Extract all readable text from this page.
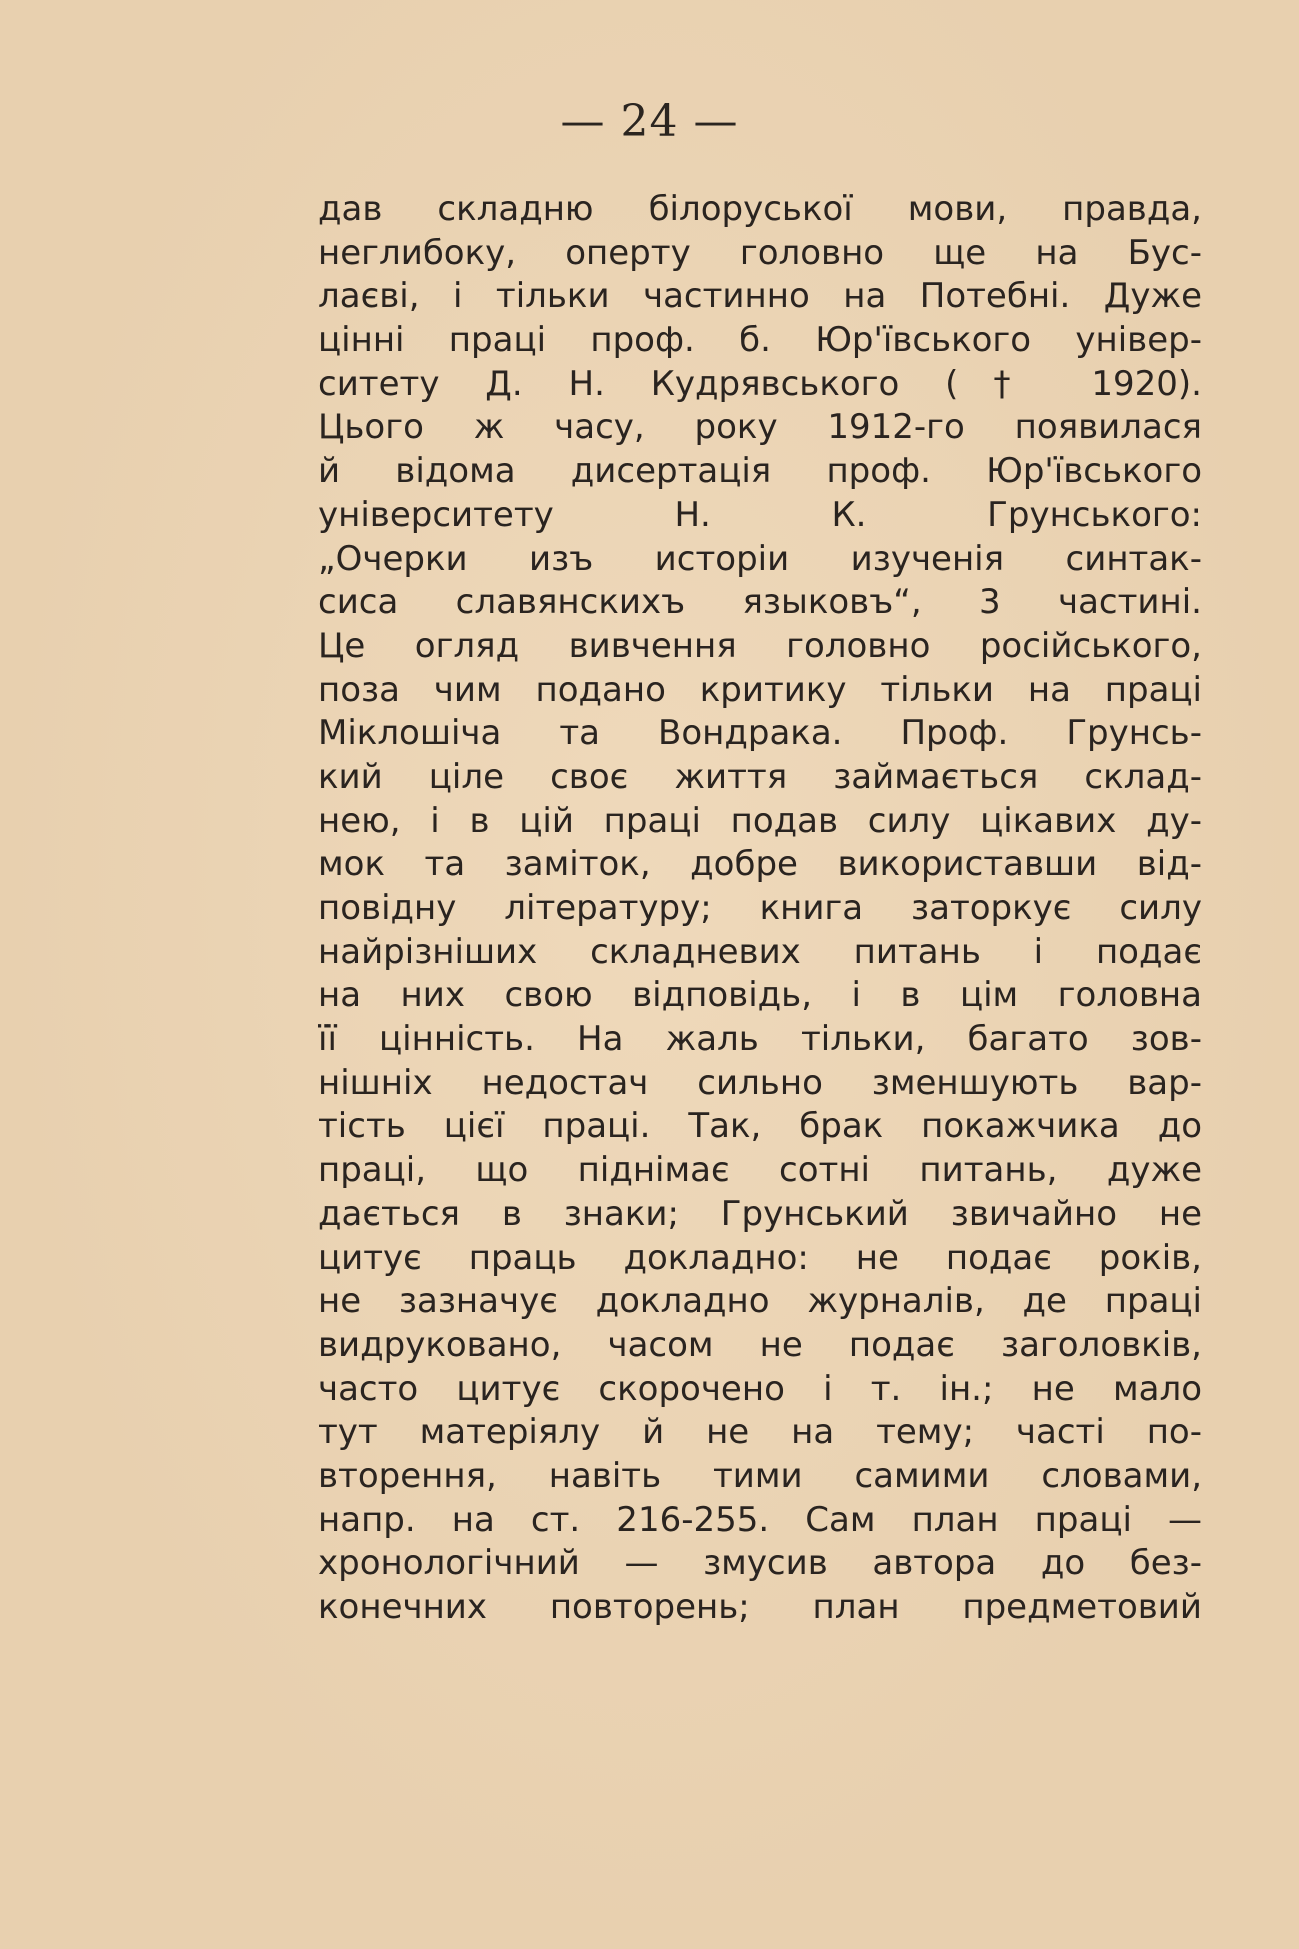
— 24 —
дав складню білоруської мови, правда,
неглибоку, оперту головно ще на Бус-
лаєві, і тільки частинно на Потебні. Дуже
цінні праці проф. б. Юр'ївського універ-
ситету Д. Н. Кудрявського († 1920).
Цього ж часу, року 1912-го появилася
й відома дисертація проф. Юр'ївського
університету Н. К. Грунського:
„Очерки изъ исторіи изученія синтак-
сиса славянскихъ языковъ“, 3 частині.
Це огляд вивчення головно російського,
поза чим подано критику тільки на праці
Міклошіча та Вондрака. Проф. Грунсь-
кий ціле своє життя займається склад-
нею, і в цій праці подав силу цікавих ду-
мок та заміток, добре використавши від-
повідну літературу; книга заторкує силу
найрізніших складневих питань і подає
на них свою відповідь, і в цім головна
її цінність. На жаль тільки, багато зов-
нішніх недостач сильно зменшують вар-
тість цієї праці. Так, брак покажчика до
праці, що піднімає сотні питань, дуже
дається в знаки; Грунський звичайно не
цитує праць докладно: не подає років,
не зазначує докладно журналів, де праці
видруковано, часом не подає заголовків,
часто цитує скорочено і т. ін.; не мало
тут матеріялу й не на тему; часті по-
вторення, навіть тими самими словами,
напр. на ст. 216-255. Сам план праці —
хронологічний — змусив автора до без-
конечних повторень; план предметовий
